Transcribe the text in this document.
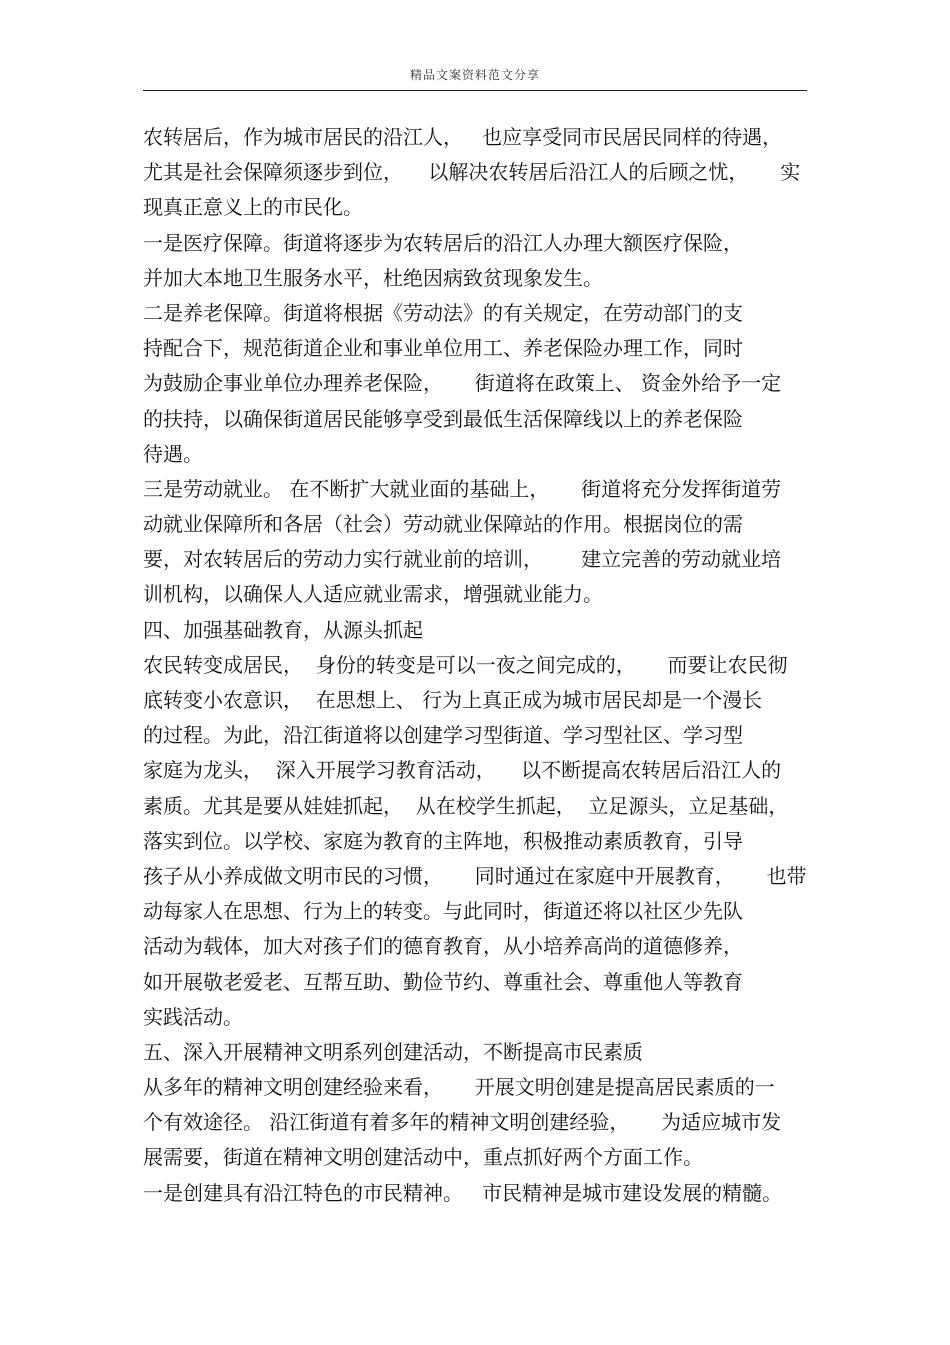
精品文案资料范文分享
农转居后，作为城市居民的沿江人，   也应享受同市民居民同样的待遇，
尤其是社会保障须逐步到位，    以解决农转居后沿江人的后顾之忧，     实
现真正意义上的市民化。
一是医疗保障。街道将逐步为农转居后的沿江人办理大额医疗保险，
并加大本地卫生服务水平，杜绝因病致贫现象发生。
二是养老保障。街道将根据《劳动法》的有关规定，在劳动部门的支
持配合下，规范街道企业和事业单位用工、养老保险办理工作，同时
为鼓励企事业单位办理养老保险，     街道将在政策上、 资金外给予一定
的扶持，以确保街道居民能够享受到最低生活保障线以上的养老保险
待遇。
三是劳动就业。 在不断扩大就业面的基础上，     街道将充分发挥街道劳
动就业保障所和各居（社会）劳动就业保障站的作用。根据岗位的需
要，对农转居后的劳动力实行就业前的培训，      建立完善的劳动就业培
训机构，以确保人人适应就业需求，增强就业能力。
四、加强基础教育，从源头抓起
农民转变成居民，  身份的转变是可以一夜之间完成的，     而要让农民彻
底转变小农意识，  在思想上、 行为上真正成为城市居民却是一个漫长
的过程。为此，沿江街道将以创建学习型街道、学习型社区、学习型
家庭为龙头，  深入开展学习教育活动，    以不断提高农转居后沿江人的
素质。尤其是要从娃娃抓起，  从在校学生抓起，  立足源头，立足基础，
落实到位。以学校、家庭为教育的主阵地，积极推动素质教育，引导
孩子从小养成做文明市民的习惯，     同时通过在家庭中开展教育，     也带
动每家人在思想、行为上的转变。与此同时，街道还将以社区少先队
活动为载体，加大对孩子们的德育教育，从小培养高尚的道德修养，
如开展敬老爱老、互帮互助、勤俭节约、尊重社会、尊重他人等教育
实践活动。
五、深入开展精神文明系列创建活动，不断提高市民素质
从多年的精神文明创建经验来看，     开展文明创建是提高居民素质的一
个有效途径。 沿江街道有着多年的精神文明创建经验，     为适应城市发
展需要，街道在精神文明创建活动中，重点抓好两个方面工作。
一是创建具有沿江特色的市民精神。   市民精神是城市建设发展的精髓。
